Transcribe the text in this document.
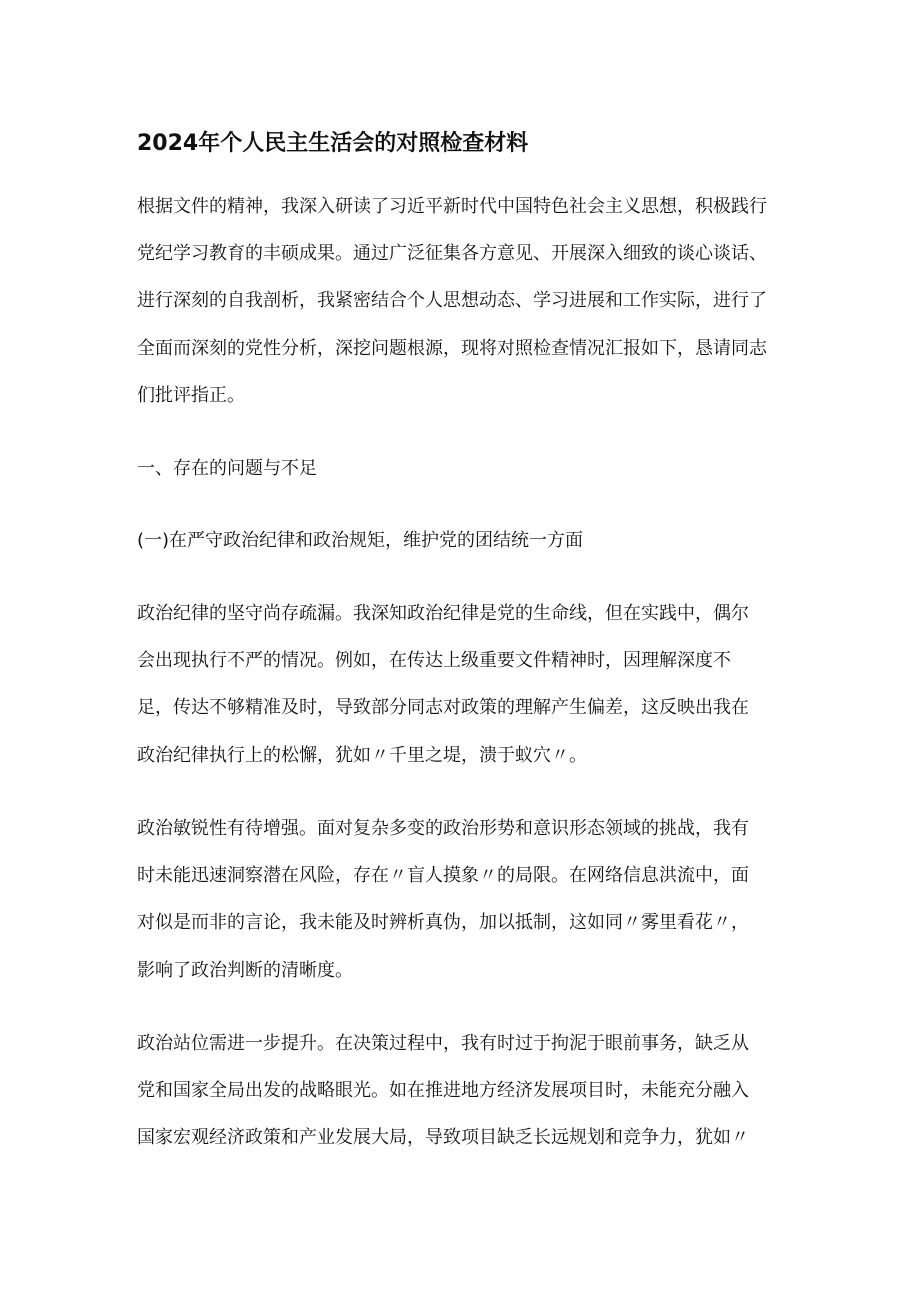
2024年个人民主生活会的对照检查材料

根据文件的精神，我深入研读了习近平新时代中国特色社会主义思想，积极践行

党纪学习教育的丰硕成果。通过广泛征集各方意见、开展深入细致的谈心谈话、

进行深刻的自我剖析，我紧密结合个人思想动态、学习进展和工作实际，进行了

全面而深刻的党性分析，深挖问题根源，现将对照检查情况汇报如下，恳请同志

们批评指正。

一、存在的问题与不足

(一)在严守政治纪律和政治规矩，维护党的团结统一方面

政治纪律的坚守尚存疏漏。我深知政治纪律是党的生命线，但在实践中，偶尔

会出现执行不严的情况。例如，在传达上级重要文件精神时，因理解深度不

足，传达不够精准及时，导致部分同志对政策的理解产生偏差，这反映出我在

政治纪律执行上的松懈，犹如〃千里之堤，溃于蚁穴〃。

政治敏锐性有待增强。面对复杂多变的政治形势和意识形态领域的挑战，我有

时未能迅速洞察潜在风险，存在〃盲人摸象〃的局限。在网络信息洪流中，面

对似是而非的言论，我未能及时辨析真伪，加以抵制，这如同〃雾里看花〃，

影响了政治判断的清晰度。

政治站位需进一步提升。在决策过程中，我有时过于拘泥于眼前事务，缺乏从

党和国家全局出发的战略眼光。如在推进地方经济发展项目时，未能充分融入

国家宏观经济政策和产业发展大局，导致项目缺乏长远规划和竞争力，犹如〃
